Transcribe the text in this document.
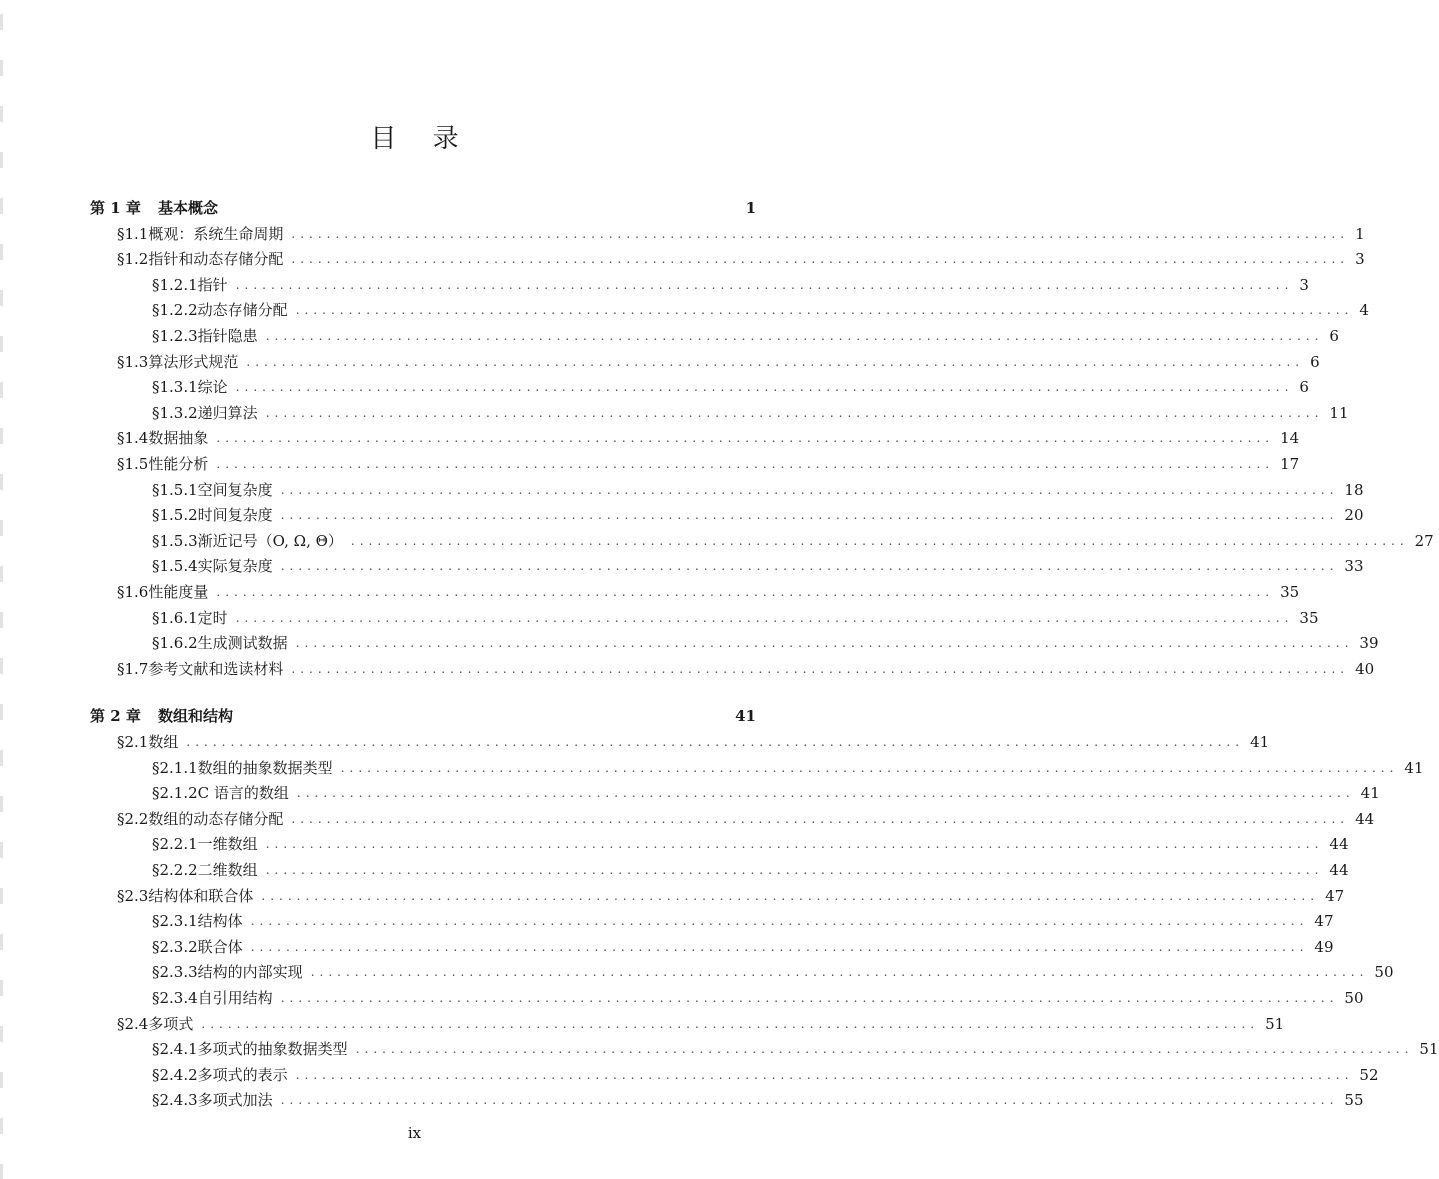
目 录
第 1 章	基本概念	1
§1.1 概观：系统生命周期 ........................................................................................................................ 1
§1.2 指针和动态存储分配 ........................................................................................................................ 3
§1.2.1 指针 ........................................................................................................................ 3
§1.2.2 动态存储分配 ........................................................................................................................ 4
§1.2.3 指针隐患 ........................................................................................................................ 6
§1.3 算法形式规范 ........................................................................................................................ 6
§1.3.1 综论 ........................................................................................................................ 6
§1.3.2 递归算法 ........................................................................................................................ 11
§1.4 数据抽象 ........................................................................................................................ 14
§1.5 性能分析 ........................................................................................................................ 17
§1.5.1 空间复杂度 ........................................................................................................................ 18
§1.5.2 时间复杂度 ........................................................................................................................ 20
§1.5.3 渐近记号（O, Ω, Θ） ........................................................................................................................ 27
§1.5.4 实际复杂度 ........................................................................................................................ 33
§1.6 性能度量 ........................................................................................................................ 35
§1.6.1 定时 ........................................................................................................................ 35
§1.6.2 生成测试数据 ........................................................................................................................ 39
§1.7 参考文献和选读材料 ........................................................................................................................ 40
第 2 章	数组和结构	41
§2.1 数组 ........................................................................................................................ 41
§2.1.1 数组的抽象数据类型 ........................................................................................................................ 41
§2.1.2 C 语言的数组 ........................................................................................................................ 41
§2.2 数组的动态存储分配 ........................................................................................................................ 44
§2.2.1 一维数组 ........................................................................................................................ 44
§2.2.2 二维数组 ........................................................................................................................ 44
§2.3 结构体和联合体 ........................................................................................................................ 47
§2.3.1 结构体 ........................................................................................................................ 47
§2.3.2 联合体 ........................................................................................................................ 49
§2.3.3 结构的内部实现 ........................................................................................................................ 50
§2.3.4 自引用结构 ........................................................................................................................ 50
§2.4 多项式 ........................................................................................................................ 51
§2.4.1 多项式的抽象数据类型 ........................................................................................................................ 51
§2.4.2 多项式的表示 ........................................................................................................................ 52
§2.4.3 多项式加法 ........................................................................................................................ 55
ix
